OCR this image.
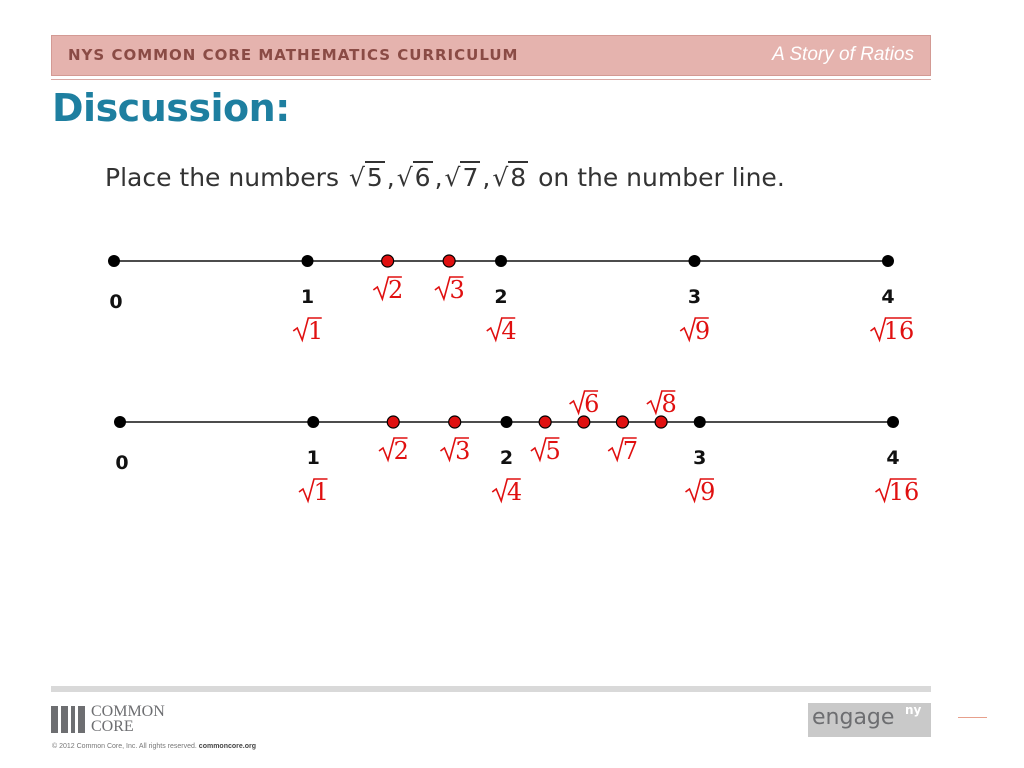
NYS COMMON CORE MATHEMATICS CURRICULUM	A Story of Ratios
Discussion:
Place the numbers √5 ,√6 ,√7 ,√8 on the number line.
0	1
1
2
4
3
9
4
16
2 3
0	1
1
2
4
3
9
4
16
2 3	5
6
7
8
COMMON
CORE
© 2012 Common Core, Inc. All rights reserved. commoncore.org
engage ny
